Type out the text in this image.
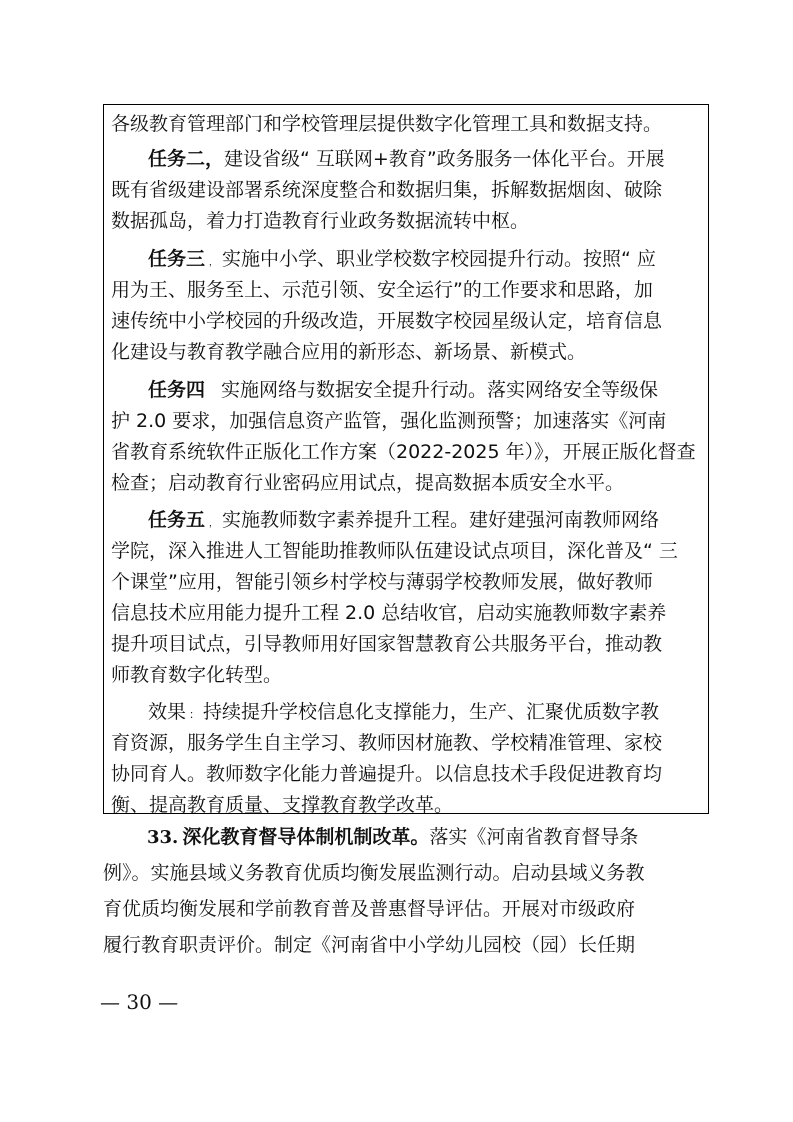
各级教育管理部门和学校管理层提供数字化管理工具和数据支持。
任务二，建设省级“ 互联网+教育”政务服务一体化平台。开展
既有省级建设部署系统深度整合和数据归集，拆解数据烟囱、破除
数据孤岛，着力打造教育行业政务数据流转中枢。
任务三 ， 实施中小学、职业学校数字校园提升行动。按照“ 应
用为王、服务至上、示范引领、安全运行”的工作要求和思路，加
速传统中小学校园的升级改造，开展数字校园星级认定，培育信息
化建设与教育教学融合应用的新形态、新场景、新模式。
任务四 实施网络与数据安全提升行动。落实网络安全等级保
护 2.0 要求，加强信息资产监管，强化监测预警；加速落实《河南
省教育系统软件正版化工作方案（2022-2025 年）》，开展正版化督查
检查；启动教育行业密码应用试点，提高数据本质安全水平。
任务五 ， 实施教师数字素养提升工程。建好建强河南教师网络
学院，深入推进人工智能助推教师队伍建设试点项目，深化普及“ 三
个课堂”应用，智能引领乡村学校与薄弱学校教师发展，做好教师
信息技术应用能力提升工程 2.0 总结收官，启动实施教师数字素养
提升项目试点，引导教师用好国家智慧教育公共服务平台，推动教
师教育数字化转型。
效果 ： 持续提升学校信息化支撑能力，生产、汇聚优质数字教
育资源，服务学生自主学习、教师因材施教、学校精准管理、家校
协同育人。教师数字化能力普遍提升。以信息技术手段促进教育均
衡、提高教育质量、支撑教育教学改革。
33. 深化教育督导体制机制改革。落实《河南省教育督导条
例》。实施县域义务教育优质均衡发展监测行动。启动县域义务教
育优质均衡发展和学前教育普及普惠督导评估。开展对市级政府
履行教育职责评价。制定《河南省中小学幼儿园校（园）长任期
— 30 —
